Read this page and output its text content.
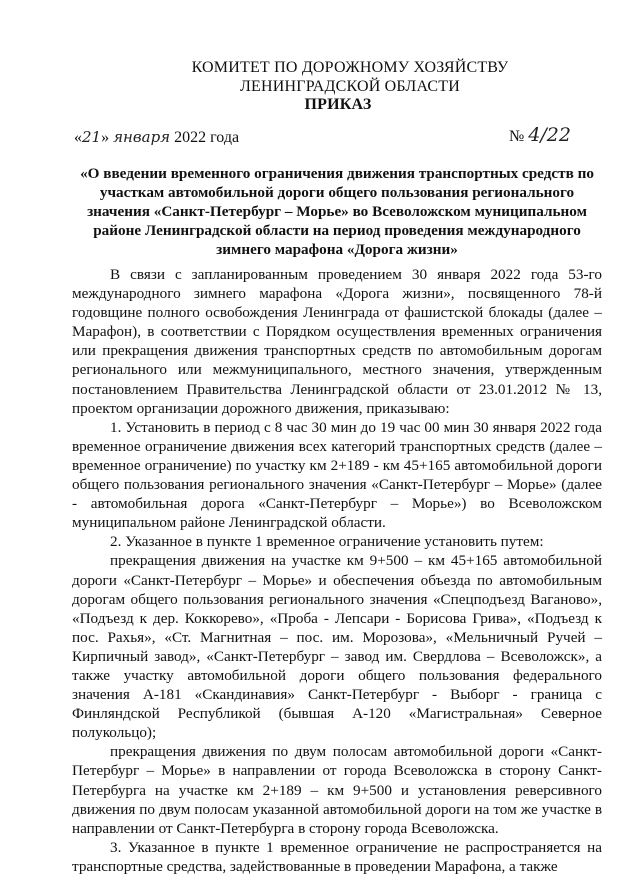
КОМИТЕТ ПО ДОРОЖНОМУ ХОЗЯЙСТВУ
ЛЕНИНГРАДСКОЙ ОБЛАСТИ
ПРИКАЗ
«21» января 2022 года	№ 4/22
«О введении временного ограничения движения транспортных средств по участкам автомобильной дороги общего пользования регионального значения «Санкт-Петербург – Морье» во Всеволожском муниципальном районе Ленинградской области на период проведения международного зимнего марафона «Дорога жизни»

В связи с запланированным проведением 30 января 2022 года 53-го международного зимнего марафона «Дорога жизни», посвященного 78-й годовщине полного освобождения Ленинграда от фашистской блокады (далее – Марафон), в соответствии с Порядком осуществления временных ограничения или прекращения движения транспортных средств по автомобильным дорогам регионального или межмуниципального, местного значения, утвержденным постановлением Правительства Ленинградской области от 23.01.2012 № 13, проектом организации дорожного движения, приказываю:

1. Установить в период с 8 час 30 мин до 19 час 00 мин 30 января 2022 года временное ограничение движения всех категорий транспортных средств (далее – временное ограничение) по участку км 2+189 - км 45+165 автомобильной дороги общего пользования регионального значения «Санкт-Петербург – Морье» (далее - автомобильная дорога «Санкт-Петербург – Морье») во Всеволожском муниципальном районе Ленинградской области.

2. Указанное в пункте 1 временное ограничение установить путем:

прекращения движения на участке км 9+500 – км 45+165 автомобильной дороги «Санкт-Петербург – Морье» и обеспечения объезда по автомобильным дорогам общего пользования регионального значения «Спецподъезд Ваганово», «Подъезд к дер. Коккорево», «Проба - Лепсари - Борисова Грива», «Подъезд к пос. Рахья», «Ст. Магнитная – пос. им. Морозова», «Мельничный Ручей – Кирпичный завод», «Санкт-Петербург – завод им. Свердлова – Всеволожск», а также участку автомобильной дороги общего пользования федерального значения А-181 «Скандинавия» Санкт-Петербург - Выборг - граница с Финляндской Республикой (бывшая А-120 «Магистральная» Северное полукольцо);

прекращения движения по двум полосам автомобильной дороги «Санкт-Петербург – Морье» в направлении от города Всеволожска в сторону Санкт-Петербурга на участке км 2+189 – км 9+500 и установления реверсивного движения по двум полосам указанной автомобильной дороги на том же участке в направлении от Санкт-Петербурга в сторону города Всеволожска.

3. Указанное в пункте 1 временное ограничение не распространяется на транспортные средства, задействованные в проведении Марафона, а также
